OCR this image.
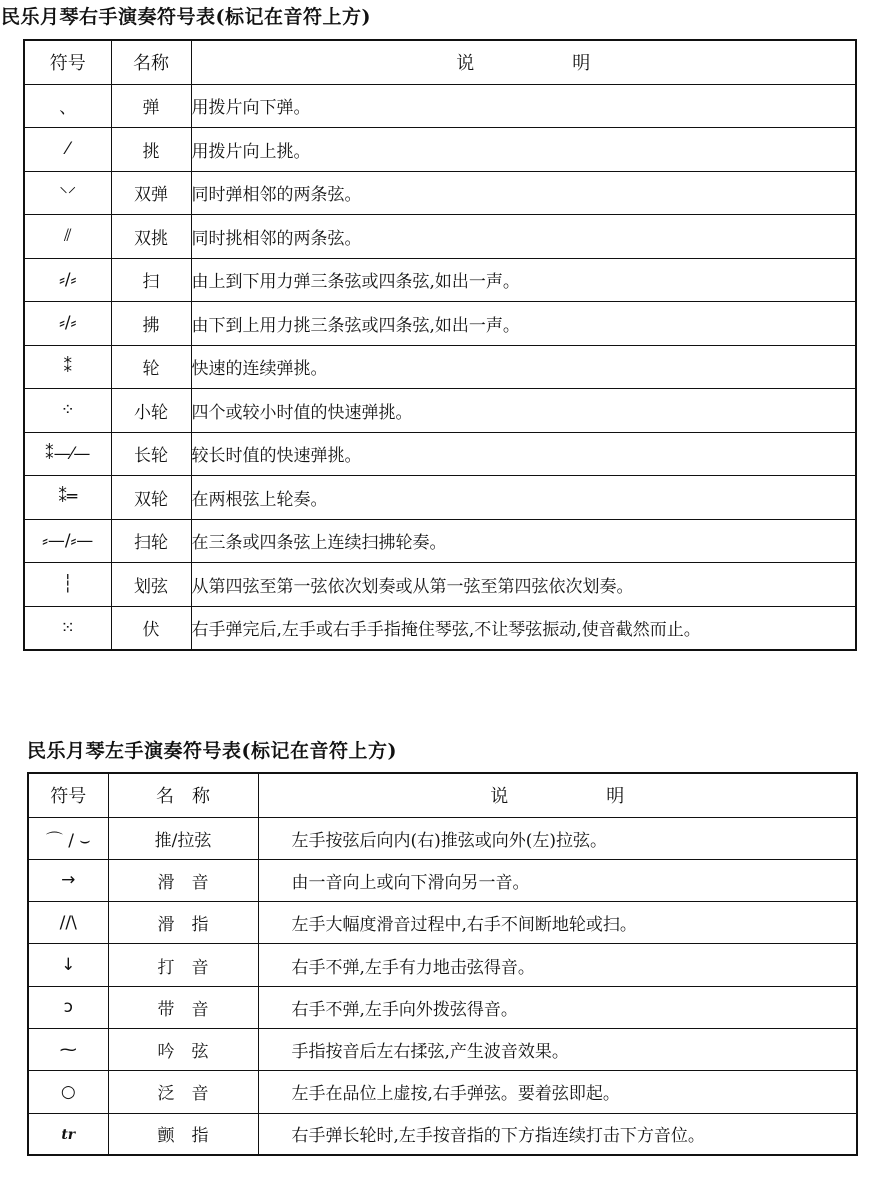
民乐月琴右手演奏符号表(标记在音符上方)
符号	名称	说 明
、	弹	用拨片向下弹。
⁄	挑	用拨片向上挑。
⸌⸍	双弹	同时弹相邻的两条弦。
⫽	双挑	同时挑相邻的两条弦。
⸗/⸗	扫	由上到下用力弹三条弦或四条弦,如出一声。
⸗/⸗	拂	由下到上用力挑三条弦或四条弦,如出一声。
⁑	轮	快速的连续弹挑。
⁘	小轮	四个或较小时值的快速弹挑。
⁑—⁄—	长轮	较长时值的快速弹挑。
⁑═	双轮	在两根弦上轮奏。
⸗—/⸗—	扫轮	在三条或四条弦上连续扫拂轮奏。
┆	划弦	从第四弦至第一弦依次划奏或从第一弦至第四弦依次划奏。
⁙	伏	右手弹完后,左手或右手手指掩住琴弦,不让琴弦振动,使音截然而止。
民乐月琴左手演奏符号表(标记在音符上方)
符号	名　称	说 明
⌒ / ⌣	推/拉弦	左手按弦后向内(右)推弦或向外(左)拉弦。
→	滑　音	由一音向上或向下滑向另一音。
//\	滑　指	左手大幅度滑音过程中,右手不间断地轮或扫。
↓	打　音	右手不弹,左手有力地击弦得音。
ɔ	带　音	右手不弹,左手向外拨弦得音。
⁓	吟　弦	手指按音后左右揉弦,产生波音效果。
○	泛　音	左手在品位上虚按,右手弹弦。要着弦即起。
tr	颤　指	右手弹长轮时,左手按音指的下方指连续打击下方音位。
